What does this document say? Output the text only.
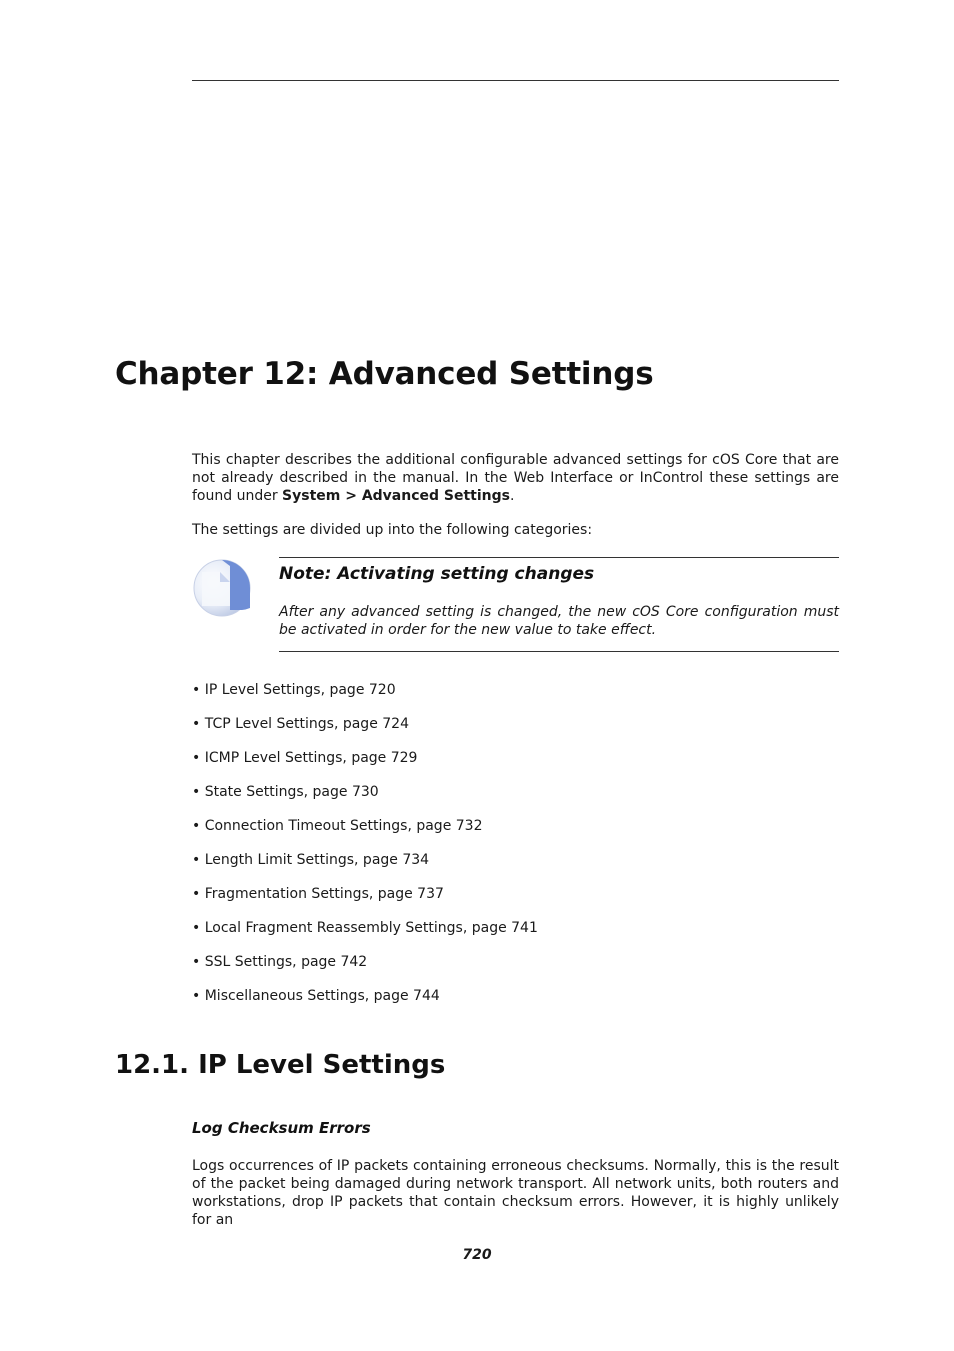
Chapter 12: Advanced Settings

This chapter describes the additional configurable advanced settings for cOS Core that are not already described in the manual. In the Web Interface or InControl these settings are found under System > Advanced Settings.

The settings are divided up into the following categories:

Note: Activating setting changes

After any advanced setting is changed, the new cOS Core configuration must be activated in order for the new value to take effect.

• IP Level Settings, page 720
• TCP Level Settings, page 724
• ICMP Level Settings, page 729
• State Settings, page 730
• Connection Timeout Settings, page 732
• Length Limit Settings, page 734
• Fragmentation Settings, page 737
• Local Fragment Reassembly Settings, page 741
• SSL Settings, page 742
• Miscellaneous Settings, page 744
12.1. IP Level Settings
Log Checksum Errors

Logs occurrences of IP packets containing erroneous checksums. Normally, this is the result of the packet being damaged during network transport. All network units, both routers and workstations, drop IP packets that contain checksum errors. However, it is highly unlikely for an

720
